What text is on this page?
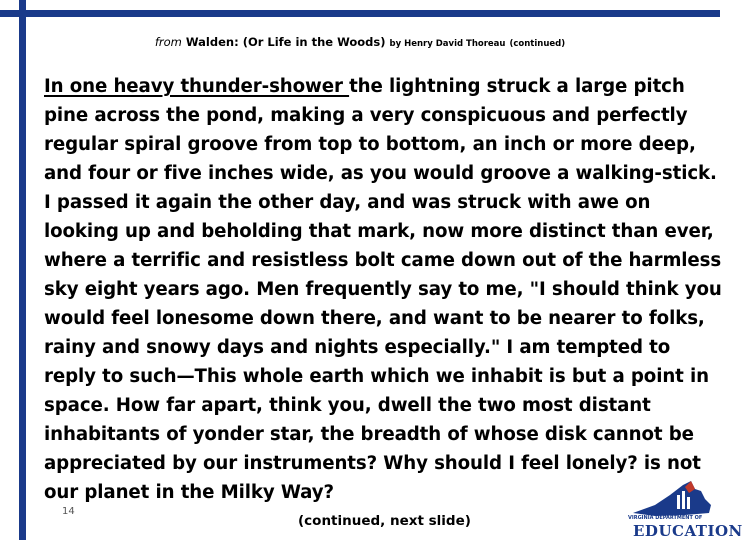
from Walden: (Or Life in the Woods) by Henry David Thoreau (continued)
In one heavy thunder-shower the lightning struck a large pitch
pine across the pond, making a very conspicuous and perfectly
regular spiral groove from top to bottom, an inch or more deep,
and four or five inches wide, as you would groove a walking-stick.
I passed it again the other day, and was struck with awe on
looking up and beholding that mark, now more distinct than ever,
where a terrific and resistless bolt came down out of the harmless
sky eight years ago. Men frequently say to me, "I should think you
would feel lonesome down there, and want to be nearer to folks,
rainy and snowy days and nights especially." I am tempted to
reply to such—This whole earth which we inhabit is but a point in
space. How far apart, think you, dwell the two most distant
inhabitants of yonder star, the breadth of whose disk cannot be
appreciated by our instruments? Why should I feel lonely? is not
our planet in the Milky Way?
14
(continued, next slide)	VIRGINIA DEPARTMENT OF
EDUCATION
